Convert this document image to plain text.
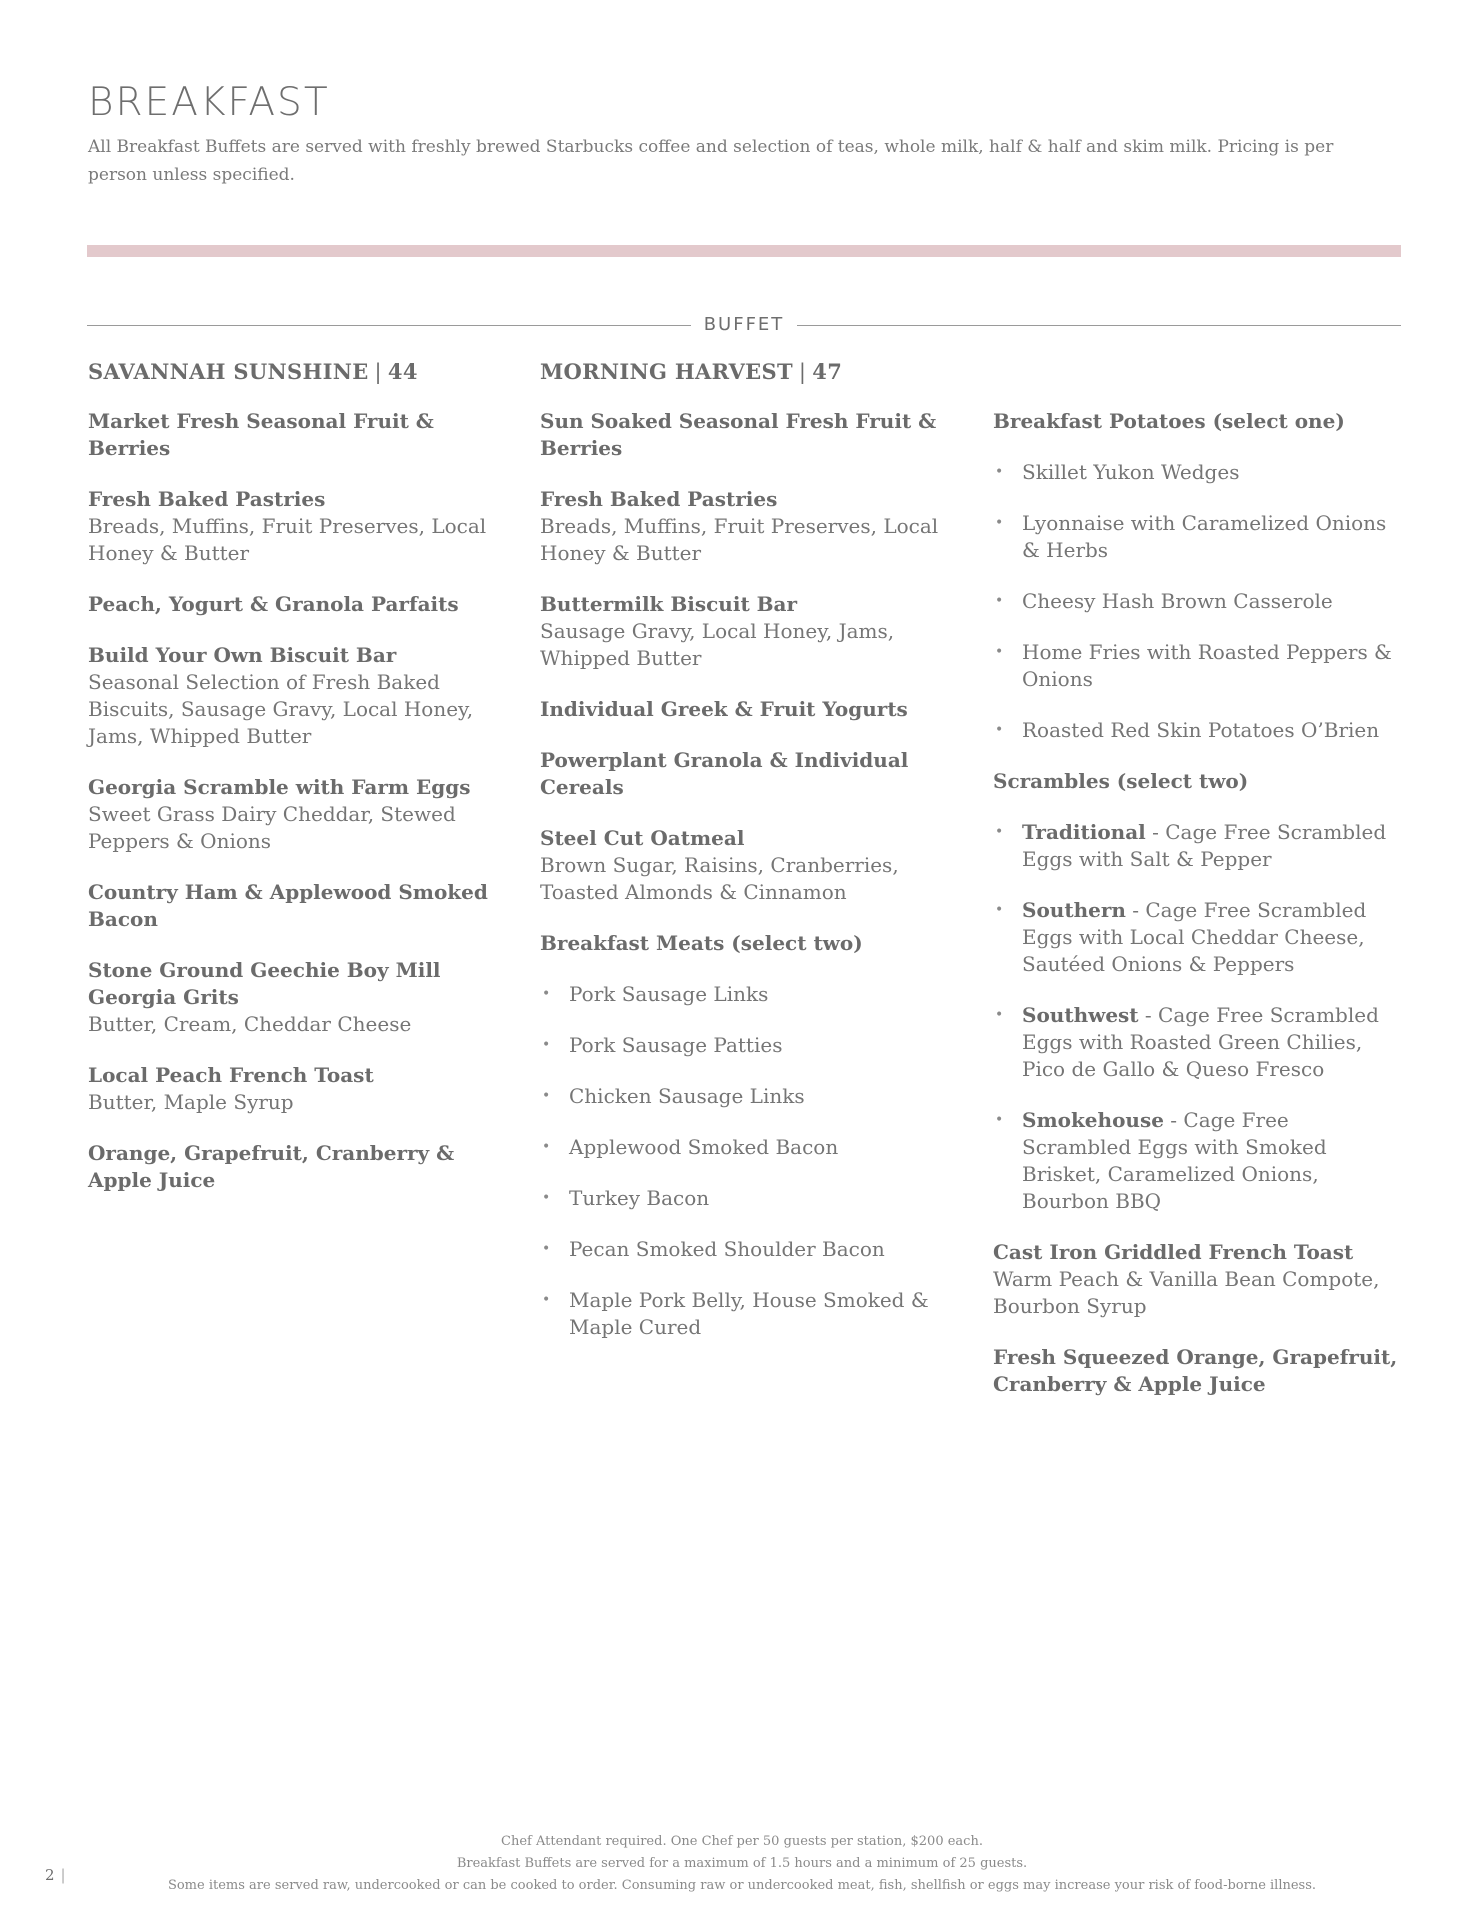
BREAKFAST

All Breakfast Buffets are served with freshly brewed Starbucks coffee and selection of teas, whole milk, half & half and skim milk. Pricing is per person unless specified.

BUFFET
SAVANNAH SUNSHINE | 44
Market Fresh Seasonal Fruit & Berries
Fresh Baked Pastries
Breads, Muffins, Fruit Preserves, Local Honey & Butter
Peach, Yogurt & Granola Parfaits
Build Your Own Biscuit Bar
Seasonal Selection of Fresh Baked Biscuits, Sausage Gravy, Local Honey, Jams, Whipped Butter
Georgia Scramble with Farm Eggs
Sweet Grass Dairy Cheddar, Stewed Peppers & Onions
Country Ham & Applewood Smoked Bacon
Stone Ground Geechie Boy Mill Georgia Grits
Butter, Cream, Cheddar Cheese
Local Peach French Toast
Butter, Maple Syrup
Orange, Grapefruit, Cranberry & Apple Juice
MORNING HARVEST | 47
Sun Soaked Seasonal Fresh Fruit & Berries
Fresh Baked Pastries
Breads, Muffins, Fruit Preserves, Local Honey & Butter
Buttermilk Biscuit Bar
Sausage Gravy, Local Honey, Jams, Whipped Butter
Individual Greek & Fruit Yogurts
Powerplant Granola & Individual Cereals
Steel Cut Oatmeal
Brown Sugar, Raisins, Cranberries, Toasted Almonds & Cinnamon
Breakfast Meats (select two)
• Pork Sausage Links
• Pork Sausage Patties
• Chicken Sausage Links
• Applewood Smoked Bacon
• Turkey Bacon
• Pecan Smoked Shoulder Bacon
• Maple Pork Belly, House Smoked & Maple Cured
Breakfast Potatoes (select one)
• Skillet Yukon Wedges
• Lyonnaise with Caramelized Onions & Herbs
• Cheesy Hash Brown Casserole
• Home Fries with Roasted Peppers & Onions
• Roasted Red Skin Potatoes O’Brien
Scrambles (select two)
• Traditional - Cage Free Scrambled Eggs with Salt & Pepper
• Southern - Cage Free Scrambled Eggs with Local Cheddar Cheese, Sautéed Onions & Peppers
• Southwest - Cage Free Scrambled Eggs with Roasted Green Chilies, Pico de Gallo & Queso Fresco
• Smokehouse - Cage Free Scrambled Eggs with Smoked Brisket, Caramelized Onions, Bourbon BBQ
Cast Iron Griddled French Toast
Warm Peach & Vanilla Bean Compote, Bourbon Syrup
Fresh Squeezed Orange, Grapefruit, Cranberry & Apple Juice

Chef Attendant required. One Chef per 50 guests per station, $200 each.

Breakfast Buffets are served for a maximum of 1.5 hours and a minimum of 25 guests.

Some items are served raw, undercooked or can be cooked to order. Consuming raw or undercooked meat, fish, shellfish or eggs may increase your risk of food-borne illness.

2 |
